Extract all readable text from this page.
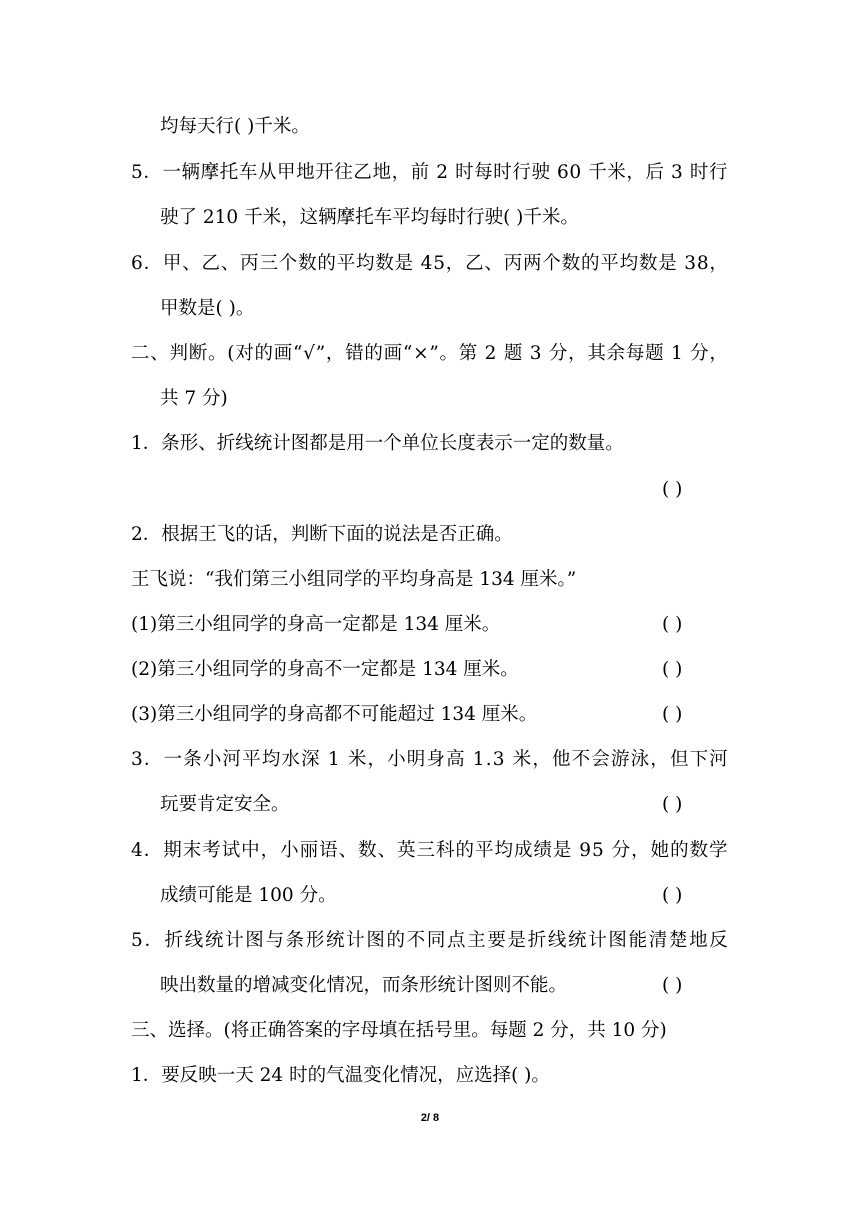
均每天行( )千米。
5 ． 一 辆 摩 托 车 从 甲 地 开 往 乙 地 ， 前
2
时 每 时 行 驶
6 0
千 米 ， 后
3
时 行
驶了 210 千米，这辆摩托车平均每时行驶( )千米。
6 ． 甲 、 乙 、 丙 三 个 数 的 平 均 数 是
4 5 ， 乙 、 丙 两 个 数 的 平 均 数 是
3 8 ，
甲数是( )。
二 、 判 断 。 ( 对 的 画 “ √ ” ， 错 的 画 “ × ” 。 第
2
题
3
分 ， 其 余 每 题
1
分 ，
共 7 分)
1．条形、折线统计图都是用一个单位长度表示一定的数量。
( )
2．根据王飞的话，判断下面的说法是否正确。
王飞说：“我们第三小组同学的平均身高是 134 厘米。”
(1)第三小组同学的身高一定都是 134 厘米。	( )
(2)第三小组同学的身高不一定都是 134 厘米。	( )
(3)第三小组同学的身高都不可能超过 134 厘米。	( )
3 ． 一 条 小 河 平 均 水 深
1
米 ， 小 明 身 高
1 . 3
米 ， 他 不 会 游 泳 ， 但 下 河
玩要肯定安全。	( )
4 ． 期 末 考 试 中 ， 小 丽 语 、 数 、 英 三 科 的 平 均 成 绩 是
9 5
分 ， 她 的 数 学
成绩可能是 100 分。	( )
5 ． 折 线 统 计 图 与 条 形 统 计 图 的 不 同 点 主 要 是 折 线 统 计 图 能 清 楚 地 反
映出数量的增减变化情况，而条形统计图则不能。	( )
三、选择。(将正确答案的字母填在括号里。每题 2 分，共 10 分)
1．要反映一天 24 时的气温变化情况，应选择( )。
2/ 8
